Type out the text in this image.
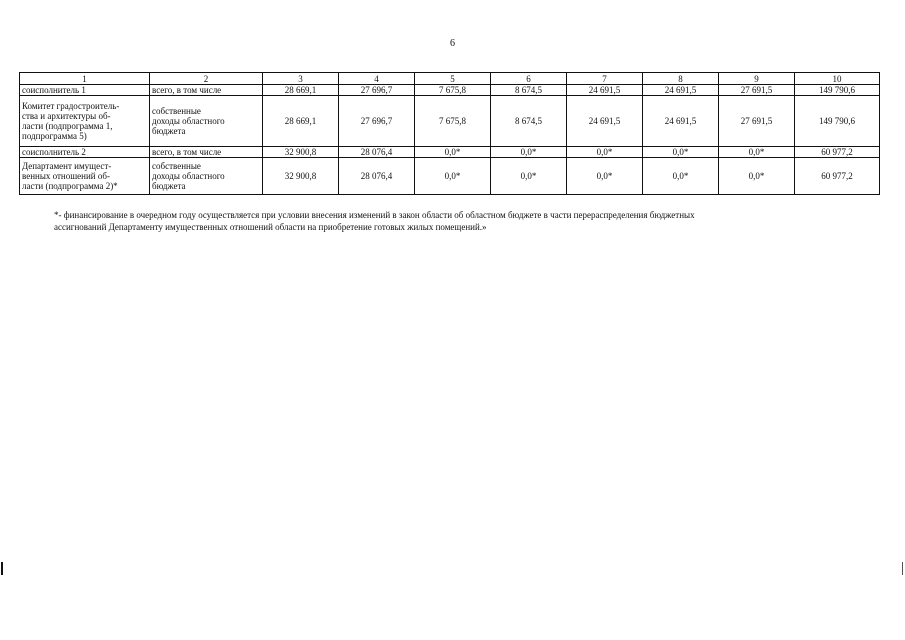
6
1	2	3	4	5	6	7	8	9	10
соисполнитель 1	всего, в том числе	28 669,1	27 696,7	7 675,8	8 674,5	24 691,5	24 691,5	27 691,5	149 790,6

Комитет градостроитель-
ства и архитектуры об-
ласти (подпрограмма 1,
подпрограмма 5)	собственные
доходы областного
бюджета	28 669,1	27 696,7	7 675,8	8 674,5	24 691,5	24 691,5	27 691,5	149 790,6
соисполнитель 2	всего, в том числе	32 900,8	28 076,4	0,0*	0,0*	0,0*	0,0*	0,0*	60 977,2

Департамент имущест-
венных отношений об-
ласти (подпрограмма 2)*	собственные
доходы областного
бюджета	32 900,8	28 076,4	0,0*	0,0*	0,0*	0,0*	0,0*	60 977,2
*- финансирование в очередном году осуществляется при условии внесения изменений в закон области об областном бюджете в части перераспределения бюджетных
ассигнований Департаменту имущественных отношений области на приобретение готовых жилых помещений.»
